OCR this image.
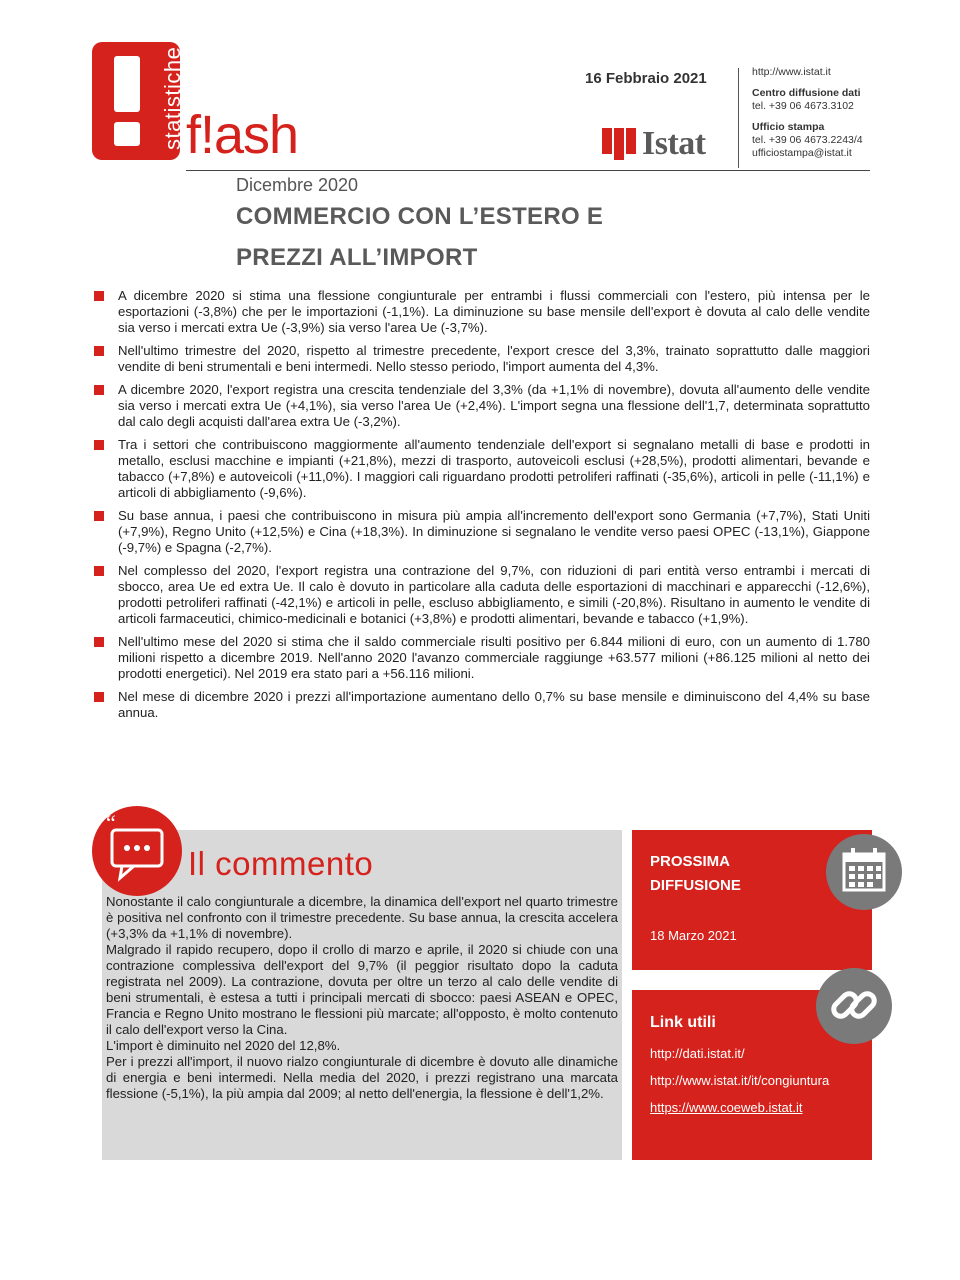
statistiche f!ash
16 Febbraio 2021
Istat
http://www.istat.it
Centro diffusione dati
tel. +39 06 4673.3102
Ufficio stampa
tel. +39 06 4673.2243/4
ufficiostampa@istat.it
Dicembre 2020
COMMERCIO CON L’ESTERO E
PREZZI ALL’IMPORT
A dicembre 2020 si stima una flessione congiunturale per entrambi i flussi commerciali con l'estero, più intensa per le esportazioni (-3,8%) che per le importazioni (-1,1%). La diminuzione su base mensile dell'export è dovuta al calo delle vendite sia verso i mercati extra Ue (-3,9%) sia verso l'area Ue (-3,7%).
Nell'ultimo trimestre del 2020, rispetto al trimestre precedente, l'export cresce del 3,3%, trainato soprattutto dalle maggiori vendite di beni strumentali e beni intermedi. Nello stesso periodo, l'import aumenta del 4,3%.
A dicembre 2020, l'export registra una crescita tendenziale del 3,3% (da +1,1% di novembre), dovuta all'aumento delle vendite sia verso i mercati extra Ue (+4,1%), sia verso l'area Ue (+2,4%). L'import segna una flessione dell'1,7, determinata soprattutto dal calo degli acquisti dall'area extra Ue (-3,2%).
Tra i settori che contribuiscono maggiormente all'aumento tendenziale dell'export si segnalano metalli di base e prodotti in metallo, esclusi macchine e impianti (+21,8%), mezzi di trasporto, autoveicoli esclusi (+28,5%), prodotti alimentari, bevande e tabacco (+7,8%) e autoveicoli (+11,0%). I maggiori cali riguardano prodotti petroliferi raffinati (-35,6%), articoli in pelle (-11,1%) e articoli di abbigliamento (-9,6%).
Su base annua, i paesi che contribuiscono in misura più ampia all'incremento dell'export sono Germania (+7,7%), Stati Uniti (+7,9%), Regno Unito (+12,5%) e Cina (+18,3%). In diminuzione si segnalano le vendite verso paesi OPEC (-13,1%), Giappone (-9,7%) e Spagna (-2,7%).
Nel complesso del 2020, l'export registra una contrazione del 9,7%, con riduzioni di pari entità verso entrambi i mercati di sbocco, area Ue ed extra Ue. Il calo è dovuto in particolare alla caduta delle esportazioni di macchinari e apparecchi (-12,6%), prodotti petroliferi raffinati (-42,1%) e articoli in pelle, escluso abbigliamento, e simili (-20,8%). Risultano in aumento le vendite di articoli farmaceutici, chimico-medicinali e botanici (+3,8%) e prodotti alimentari, bevande e tabacco (+1,9%).
Nell'ultimo mese del 2020 si stima che il saldo commerciale risulti positivo per 6.844 milioni di euro, con un aumento di 1.780 milioni rispetto a dicembre 2019. Nell'anno 2020 l'avanzo commerciale raggiunge +63.577 milioni (+86.125 milioni al netto dei prodotti energetici). Nel 2019 era stato pari a +56.116 milioni.
Nel mese di dicembre 2020 i prezzi all'importazione aumentano dello 0,7% su base mensile e diminuiscono del 4,4% su base annua.
“
Il commento

Nonostante il calo congiunturale a dicembre, la dinamica dell'export nel quarto trimestre è positiva nel confronto con il trimestre precedente. Su base annua, la crescita accelera (+3,3% da +1,1% di novembre).

Malgrado il rapido recupero, dopo il crollo di marzo e aprile, il 2020 si chiude con una contrazione complessiva dell'export del 9,7% (il peggior risultato dopo la caduta registrata nel 2009). La contrazione, dovuta per oltre un terzo al calo delle vendite di beni strumentali, è estesa a tutti i principali mercati di sbocco: paesi ASEAN e OPEC, Francia e Regno Unito mostrano le flessioni più marcate; all'opposto, è molto contenuto il calo dell'export verso la Cina.

L'import è diminuito nel 2020 del 12,8%.

Per i prezzi all'import, il nuovo rialzo congiunturale di dicembre è dovuto alle dinamiche di energia e beni intermedi. Nella media del 2020, i prezzi registrano una marcata flessione (-5,1%), la più ampia dal 2009; al netto dell'energia, la flessione è dell'1,2%.

PROSSIMA DIFFUSIONE
18 Marzo 2021
Link utili
http://dati.istat.it/
http://www.istat.it/it/congiuntura
https://www.coeweb.istat.it
